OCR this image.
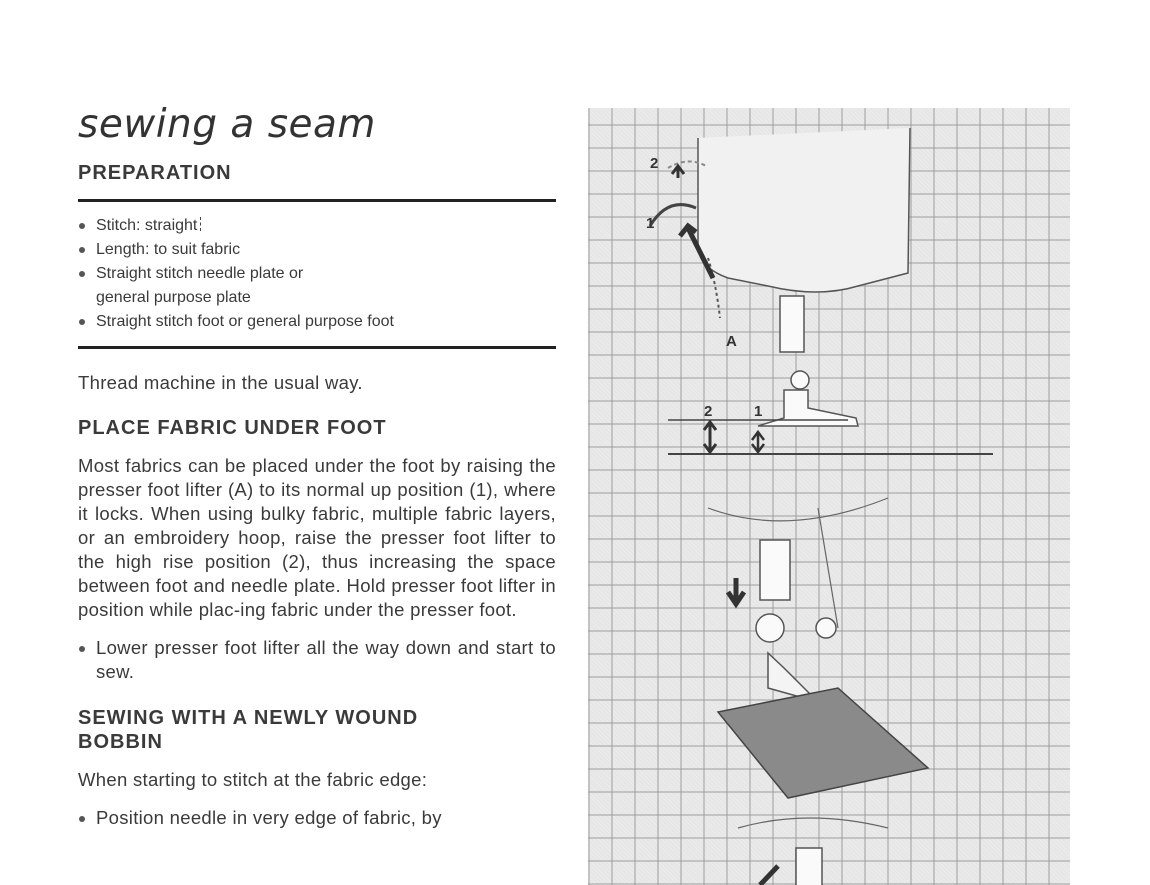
sewing a seam
PREPARATION
Stitch: straight
Length: to suit fabric
Straight stitch needle plate or
general purpose plate
Straight stitch foot or general purpose foot

Thread machine in the usual way.

PLACE FABRIC UNDER FOOT

Most fabrics can be placed under the foot by raising the presser foot lifter (A) to its normal up position (1), where it locks. When using bulky fabric, multiple fabric layers, or an embroidery hoop, raise the presser foot lifter to the high rise position (2), thus increasing the space between foot and needle plate. Hold presser foot lifter in position while plac-ing fabric under the presser foot.

Lower presser foot lifter all the way down and start to sew.
SEWING WITH A NEWLY WOUND
BOBBIN

When starting to stitch at the fabric edge:

Position needle in very edge of fabric, by
2
1
A
2	1
